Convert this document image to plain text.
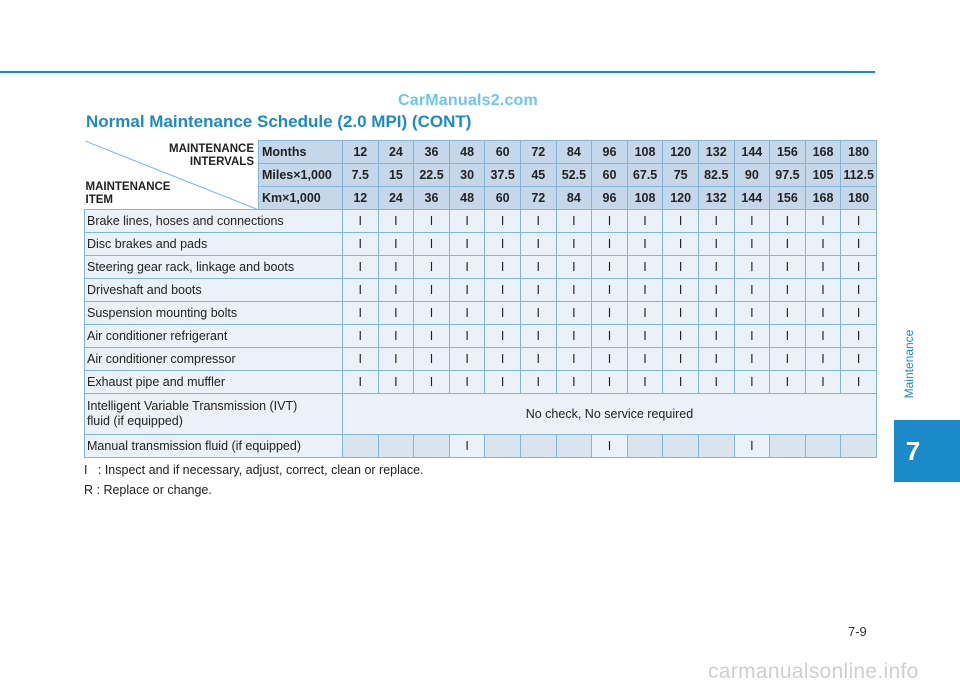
CarManuals2.com
Normal Maintenance Schedule (2.0 MPI) (CONT)
Maintenance
7
MAINTENANCE
INTERVALS
MAINTENANCE
ITEM	Months	12	24	36	48	60	72	84	96	108	120	132	144	156	168	180
	Miles×1,000	7.5	15	22.5	30	37.5	45	52.5	60	67.5	75	82.5	90	97.5	105	112.5
	Km×1,000	12	24	36	48	60	72	84	96	108	120	132	144	156	168	180
Brake lines, hoses and connections		I	I	I	I	I	I	I	I	I	I	I	I	I	I	I
Disc brakes and pads		I	I	I	I	I	I	I	I	I	I	I	I	I	I	I
Steering gear rack, linkage and boots		I	I	I	I	I	I	I	I	I	I	I	I	I	I	I
Driveshaft and boots		I	I	I	I	I	I	I	I	I	I	I	I	I	I	I
Suspension mounting bolts		I	I	I	I	I	I	I	I	I	I	I	I	I	I	I
Air conditioner refrigerant		I	I	I	I	I	I	I	I	I	I	I	I	I	I	I
Air conditioner compressor		I	I	I	I	I	I	I	I	I	I	I	I	I	I	I
Exhaust pipe and muffler		I	I	I	I	I	I	I	I	I	I	I	I	I	I	I
Intelligent Variable Transmission (IVT)
fluid (if equipped)		No check, No service required														
Manual transmission fluid (if equipped)					I				I				I			
I   : Inspect and if necessary, adjust, correct, clean or replace.
R : Replace or change.
7-9
carmanualsonline.info
